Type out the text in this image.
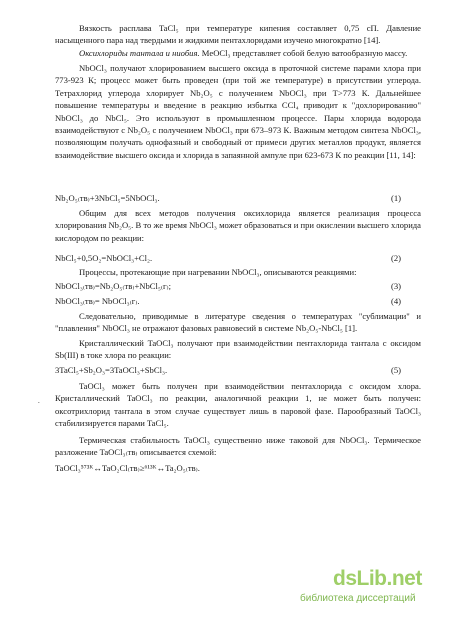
Вязкость расплава TaCl₅ при температуре кипения составляет 0,75 сП. Давление насыщенного пара над твердыми и жидкими пентахлоридами изучено многократно [14].

Оксихлориды тантала и ниобия. MeOCl₃ представляет собой белую ватообразную массу.

NbOCl₃ получают хлорированием высшего оксида в проточной системе парами хлора при 773-923 К; процесс может быть проведен (при той же температуре) в присутствии углерода. Тетрахлорид углерода хлорирует Nb₂O₅ с получением NbOCl₃ при T>773 К. Дальнейшее повышение температуры и введение в реакцию избытка CCl₄ приводит к "дохлорированию" NbOCl₃ до NbCl₅. Это используют в промышленном процессе. Пары хлорида водорода взаимодействуют с Nb₂O₅ с получением NbOCl₃ при 673–973 К. Важным методом синтеза NbOCl₃, позволяющим получать однофазный и свободный от примеси других металлов продукт, является взаимодействие высшего оксида и хлорида в запаянной ампуле при 623-673 К по реакции [11, 14]:

Nb₂O₅₍тв₎+3NbCl₅=5NbOCl₃.	(1)

Общим для всех методов получения оксихлорида является реализация процесса хлорирования Nb₂O₅. В то же время NbOCl₃ может образоваться и при окислении высшего хлорида кислородом по реакции:

NbCl₅+0,5O₂=NbOCl₃+Cl₂.	(2)

Процессы, протекающие при нагревании NbOCl₃, описываются реакциями:

NbOCl₃₍тв₎=Nb₂O₅₍тв₎+NbCl₅₍г₎;	(3)
NbOCl₃₍тв₎= NbOCl₃₍г₎.	(4)

Следовательно, приводимые в литературе сведения о температурах "сублимации" и "плавления" NbOCl₃ не отражают фазовых равновесий в системе Nb₂O₅-NbCl₅ [1].

Кристаллический TaOCl₃ получают при взаимодействии пентахлорида тантала с оксидом Sb(III) в токе хлора по реакции:

3TaCl₅+Sb₂O₃=3TaOCl₃+SbCl₃.	(5)

TaOCl₃ может быть получен при взаимодействии пентахлорида с оксидом хлора. Кристаллический TaOCl₃ по реакции, аналогичной реакции 1, не может быть получен: оксотрихлорид тантала в этом случае существует лишь в паровой фазе. Парообразный TaOCl₃ стабилизируется парами TaCl₅.

.

Термическая стабильность TaOCl₃ существенно ниже таковой для NbOCl₃. Термическое разложение TaOCl₃₍тв₎ описывается схемой:

TaOCl₃⁵⁷³ᴷ↔TaO₂Cl₍тв₎≥⁶¹³ᴷ↔Ta₂O₅₍тв₎.
dsLib.net
библиотека диссертаций
